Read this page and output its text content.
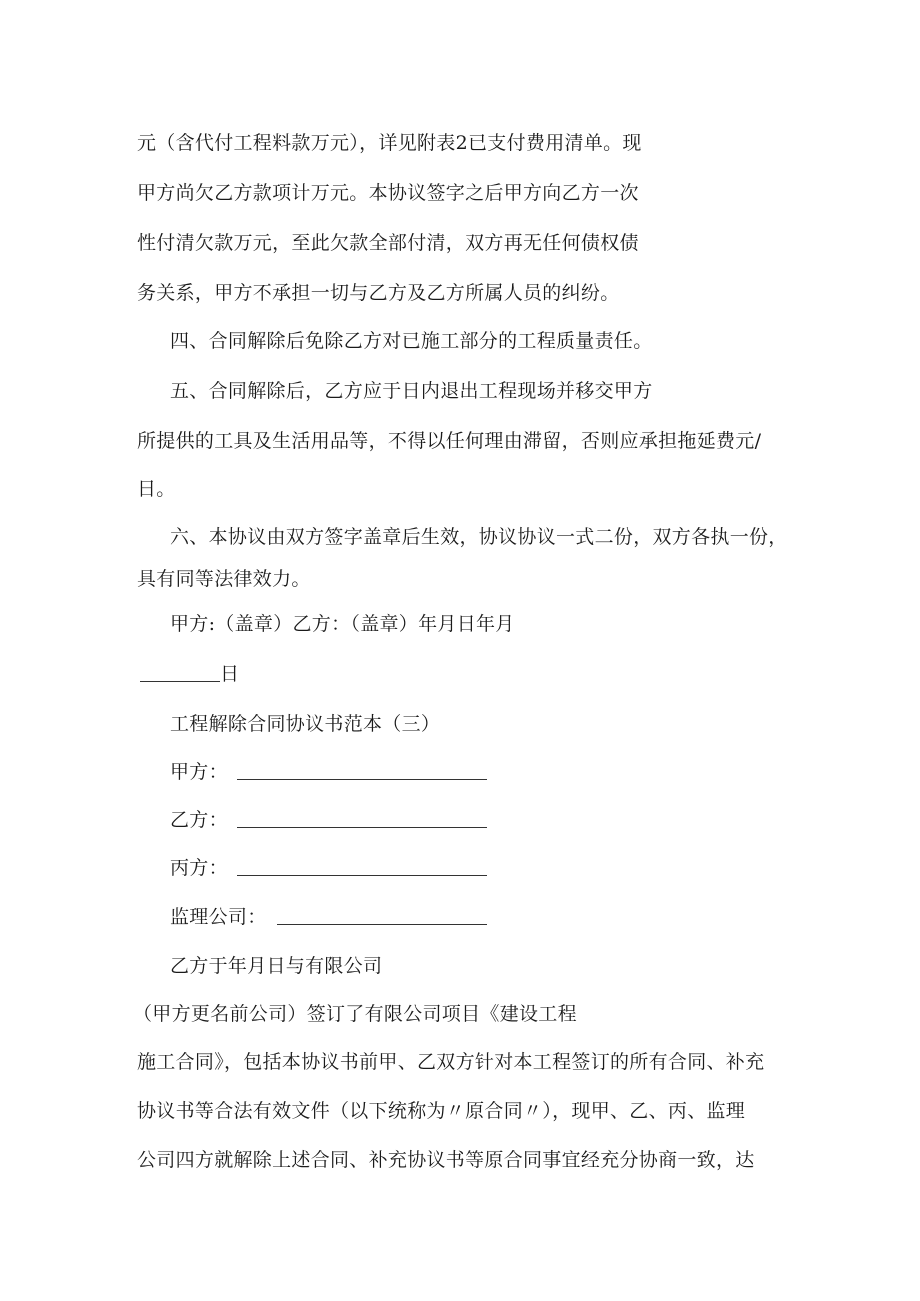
元（含代付工程料款万元），详见附表2已支付费用清单。现
甲方尚欠乙方款项计万元。本协议签字之后甲方向乙方一次
性付清欠款万元，至此欠款全部付清，双方再无任何债权债
务关系，甲方不承担一切与乙方及乙方所属人员的纠纷。
四、合同解除后免除乙方对已施工部分的工程质量责任。
五、合同解除后，乙方应于日内退出工程现场并移交甲方
所提供的工具及生活用品等，不得以任何理由滞留，否则应承担拖延费元/
日。
六、本协议由双方签字盖章后生效，协议协议一式二份，双方各执一份，
具有同等法律效力。
甲方:（盖章）乙方：（盖章）年月日年月
日
工程解除合同协议书范本（三）
甲方：
乙方：
丙方：
监理公司：
乙方于年月日与有限公司
（甲方更名前公司）签订了有限公司项目《建设工程
施工合同》，包括本协议书前甲、乙双方针对本工程签订的所有合同、补充
协议书等合法有效文件（以下统称为〃原合同〃），现甲、乙、丙、监理
公司四方就解除上述合同、补充协议书等原合同事宜经充分协商一致，达
